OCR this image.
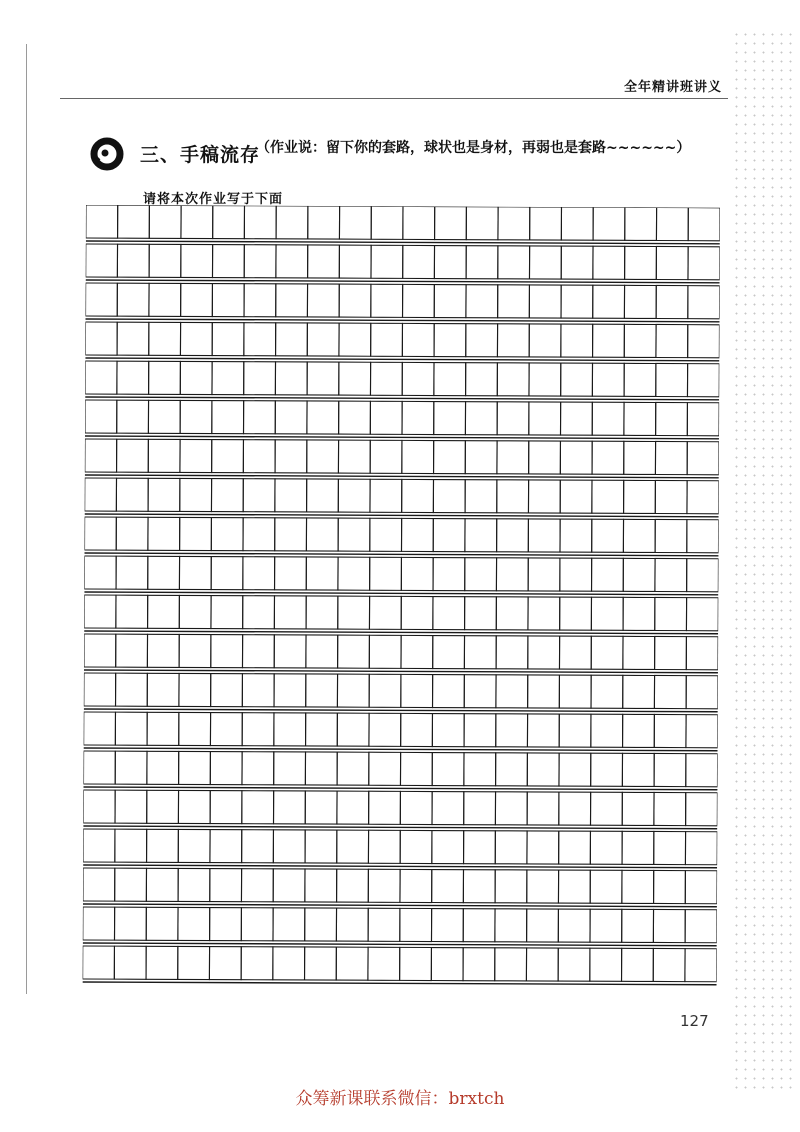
全年精讲班讲义
三、手稿流存
（作业说：留下你的套路，球状也是身材，再弱也是套路~~~~~~）
请将本次作业写于下面
127
众筹新课联系微信：brxtch
